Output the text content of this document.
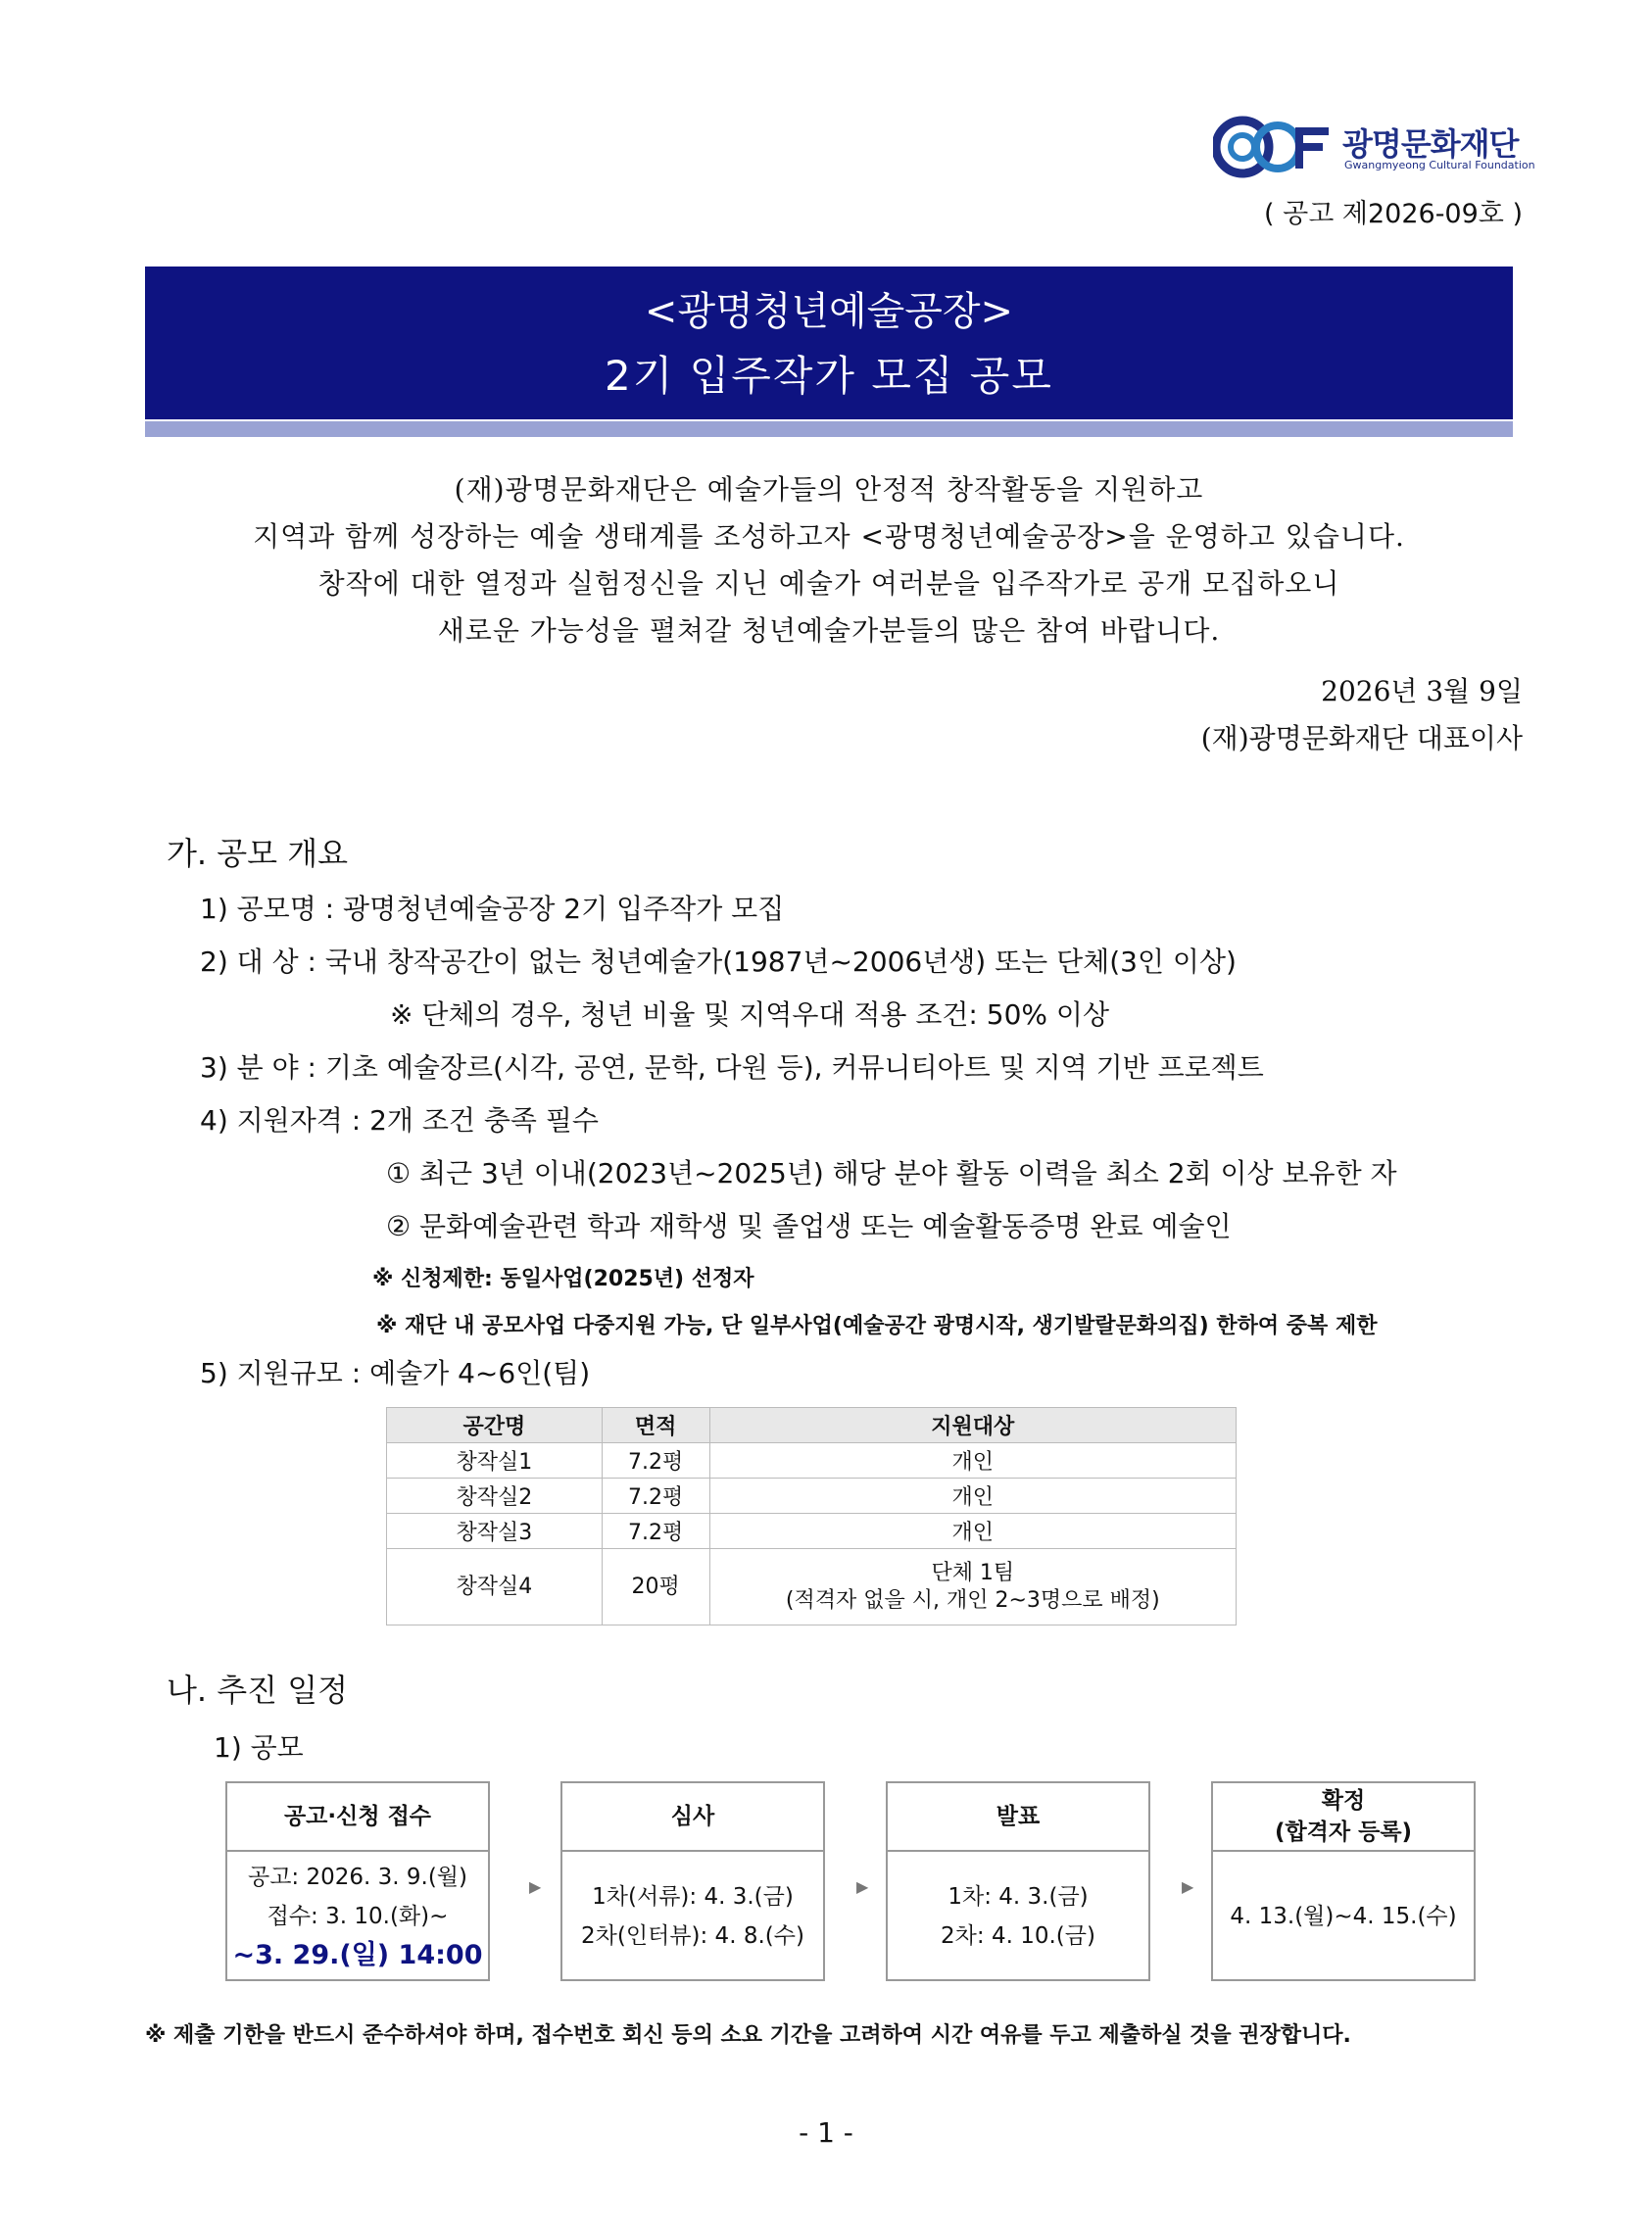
광명문화재단
Gwangmyeong Cultural Foundation
( 공고 제2026-09호 )
<광명청년예술공장>
2기 입주작가 모집 공모
(재)광명문화재단은 예술가들의 안정적 창작활동을 지원하고
지역과 함께 성장하는 예술 생태계를 조성하고자 <광명청년예술공장>을 운영하고 있습니다.
창작에 대한 열정과 실험정신을 지닌 예술가 여러분을 입주작가로 공개 모집하오니
새로운 가능성을 펼쳐갈 청년예술가분들의 많은 참여 바랍니다.
2026년 3월 9일
(재)광명문화재단 대표이사
가. 공모 개요
1) 공모명 : 광명청년예술공장 2기 입주작가 모집
2) 대 상 : 국내 창작공간이 없는 청년예술가(1987년~2006년생) 또는 단체(3인 이상)
※ 단체의 경우, 청년 비율 및 지역우대 적용 조건: 50% 이상
3) 분 야 : 기초 예술장르(시각, 공연, 문학, 다원 등), 커뮤니티아트 및 지역 기반 프로젝트
4) 지원자격 : 2개 조건 충족 필수
① 최근 3년 이내(2023년~2025년) 해당 분야 활동 이력을 최소 2회 이상 보유한 자
② 문화예술관련 학과 재학생 및 졸업생 또는 예술활동증명 완료 예술인
※ 신청제한: 동일사업(2025년) 선정자
※ 재단 내 공모사업 다중지원 가능, 단 일부사업(예술공간 광명시작, 생기발랄문화의집) 한하여 중복 제한
5) 지원규모 : 예술가 4~6인(팀)
공간명	면적	지원대상
창작실1	7.2평	개인
창작실2	7.2평	개인
창작실3	7.2평	개인
창작실4	20평	단체 1팀
(적격자 없을 시, 개인 2~3명으로 배정)
나. 추진 일정
1) 공모
공고·신청 접수
공고: 2026. 3. 9.(월)
접수: 3. 10.(화)~
~3. 29.(일) 14:00
▶
심사
1차(서류): 4. 3.(금)
2차(인터뷰): 4. 8.(수)
▶
발표
1차: 4. 3.(금)
2차: 4. 10.(금)
▶
확정
(합격자 등록)
4. 13.(월)~4. 15.(수)
※ 제출 기한을 반드시 준수하셔야 하며, 접수번호 회신 등의 소요 기간을 고려하여 시간 여유를 두고 제출하실 것을 권장합니다.
- 1 -
